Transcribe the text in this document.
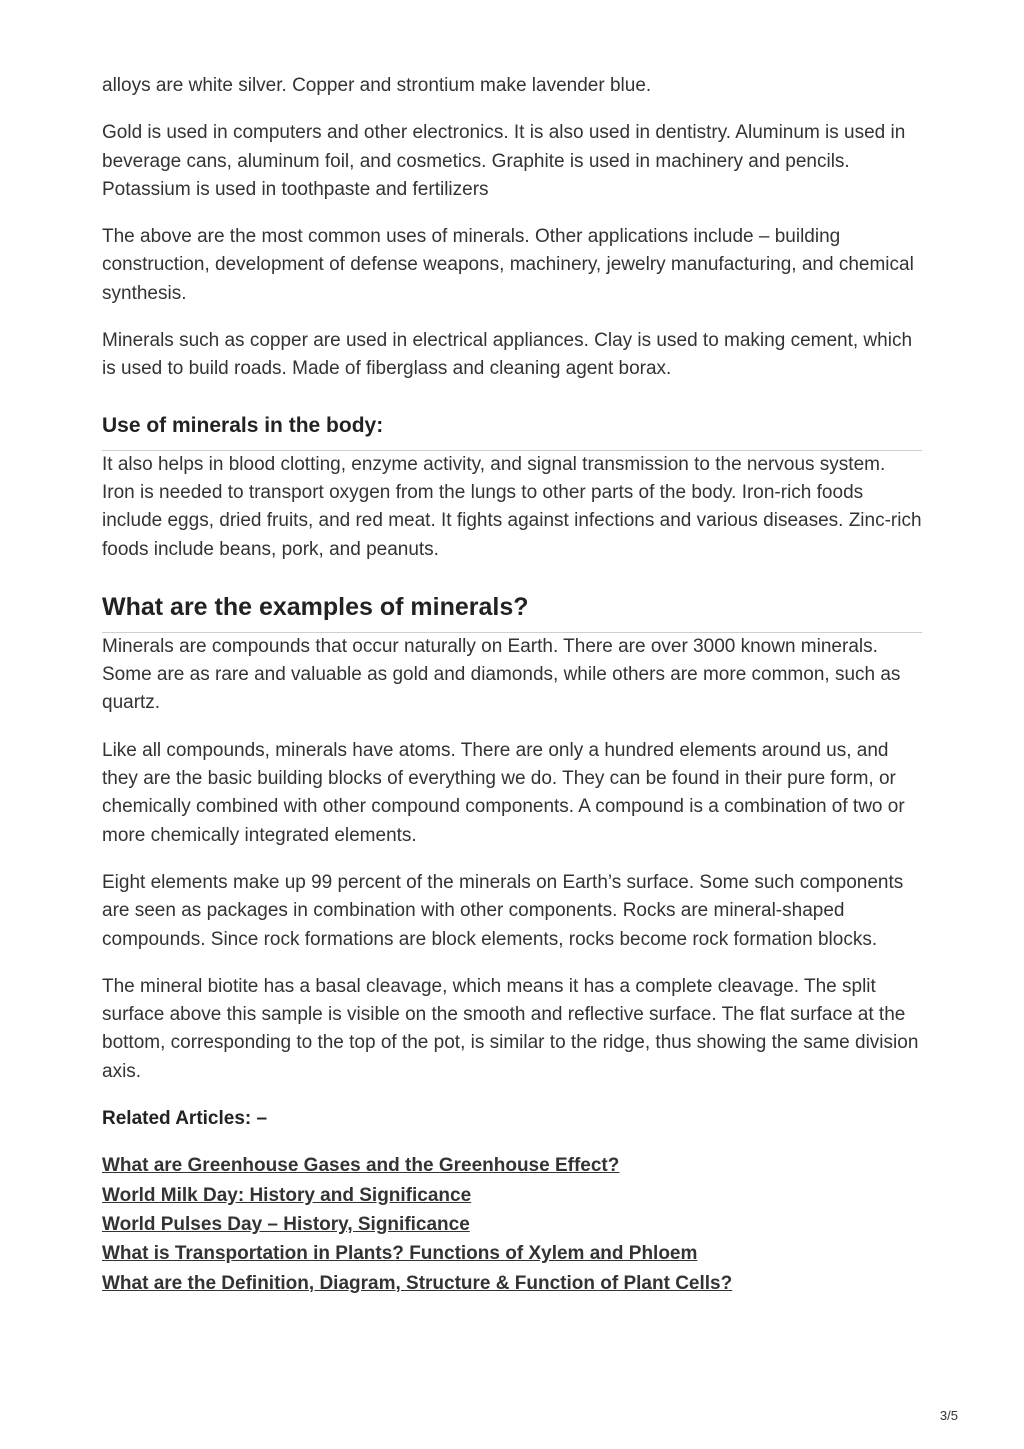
alloys are white silver. Copper and strontium make lavender blue.

Gold is used in computers and other electronics. It is also used in dentistry. Aluminum is used in beverage cans, aluminum foil, and cosmetics. Graphite is used in machinery and pencils. Potassium is used in toothpaste and fertilizers

The above are the most common uses of minerals. Other applications include – building construction, development of defense weapons, machinery, jewelry manufacturing, and chemical synthesis.

Minerals such as copper are used in electrical appliances. Clay is used to making cement, which is used to build roads. Made of fiberglass and cleaning agent borax.

Use of minerals in the body:

It also helps in blood clotting, enzyme activity, and signal transmission to the nervous system. Iron is needed to transport oxygen from the lungs to other parts of the body. Iron-rich foods include eggs, dried fruits, and red meat. It fights against infections and various diseases. Zinc-rich foods include beans, pork, and peanuts.

What are the examples of minerals?

Minerals are compounds that occur naturally on Earth. There are over 3000 known minerals. Some are as rare and valuable as gold and diamonds, while others are more common, such as quartz.

Like all compounds, minerals have atoms. There are only a hundred elements around us, and they are the basic building blocks of everything we do. They can be found in their pure form, or chemically combined with other compound components. A compound is a combination of two or more chemically integrated elements.

Eight elements make up 99 percent of the minerals on Earth’s surface. Some such components are seen as packages in combination with other components. Rocks are mineral-shaped compounds. Since rock formations are block elements, rocks become rock formation blocks.

The mineral biotite has a basal cleavage, which means it has a complete cleavage. The split surface above this sample is visible on the smooth and reflective surface. The flat surface at the bottom, corresponding to the top of the pot, is similar to the ridge, thus showing the same division axis.

Related Articles: –

What are Greenhouse Gases and the Greenhouse Effect?
World Milk Day: History and Significance
World Pulses Day – History, Significance
What is Transportation in Plants? Functions of Xylem and Phloem
What are the Definition, Diagram, Structure & Function of Plant Cells?
3/5
